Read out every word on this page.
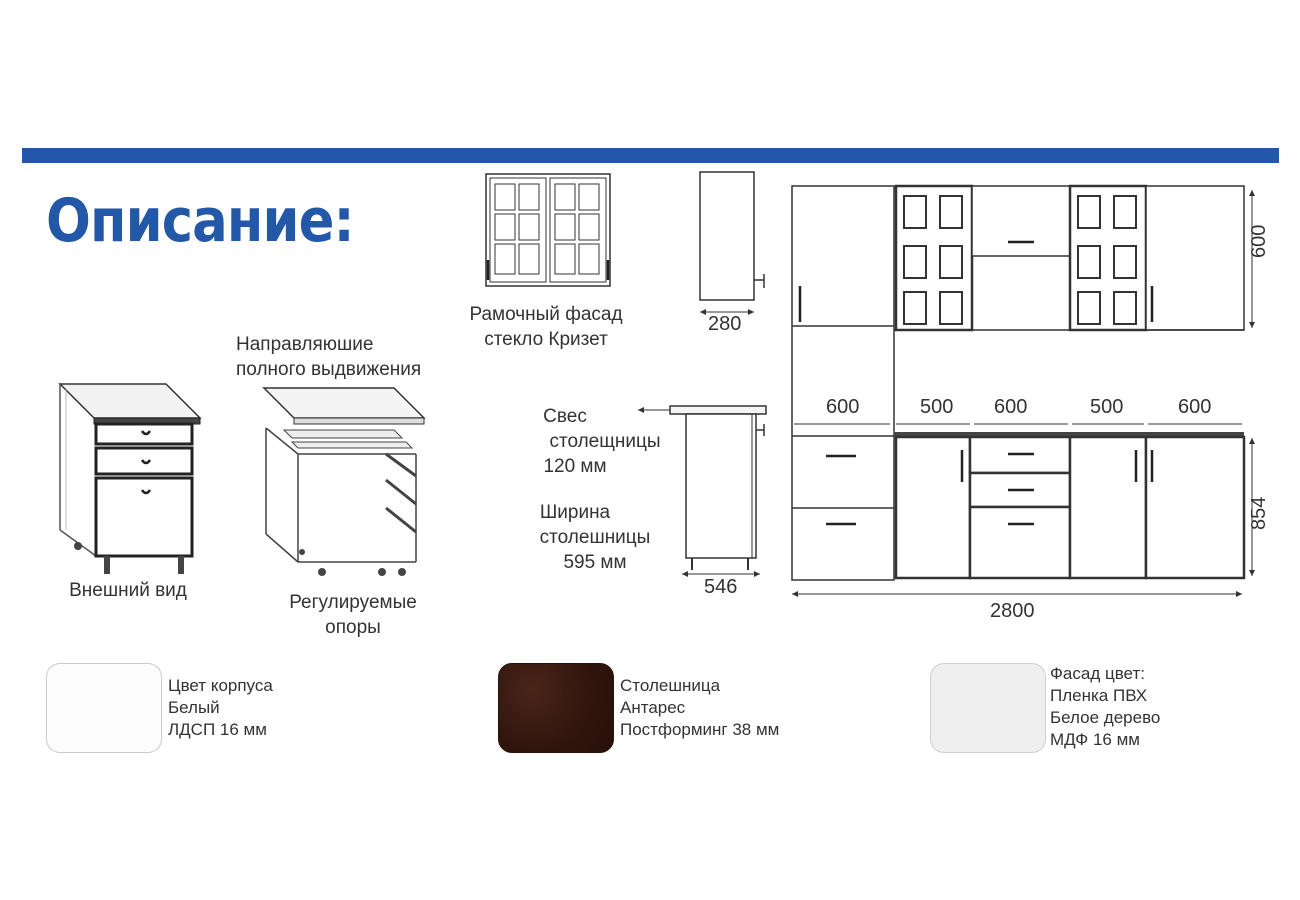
Описание:
Внешний вид
Направляюшие
полного выдвижения
Регулируемые
опоры
Рамочный фасад
стекло Кризет
280
Свес
столещницы
120 мм
Ширина
столешницы
595 мм
546
600
854
2800
600	500 600	500	600
Цвет корпуса
Белый
ЛДСП 16 мм
Столешница
Антарес
Постформинг 38 мм
Фасад цвет:
Пленка ПВХ
Белое дерево
МДФ 16 мм
